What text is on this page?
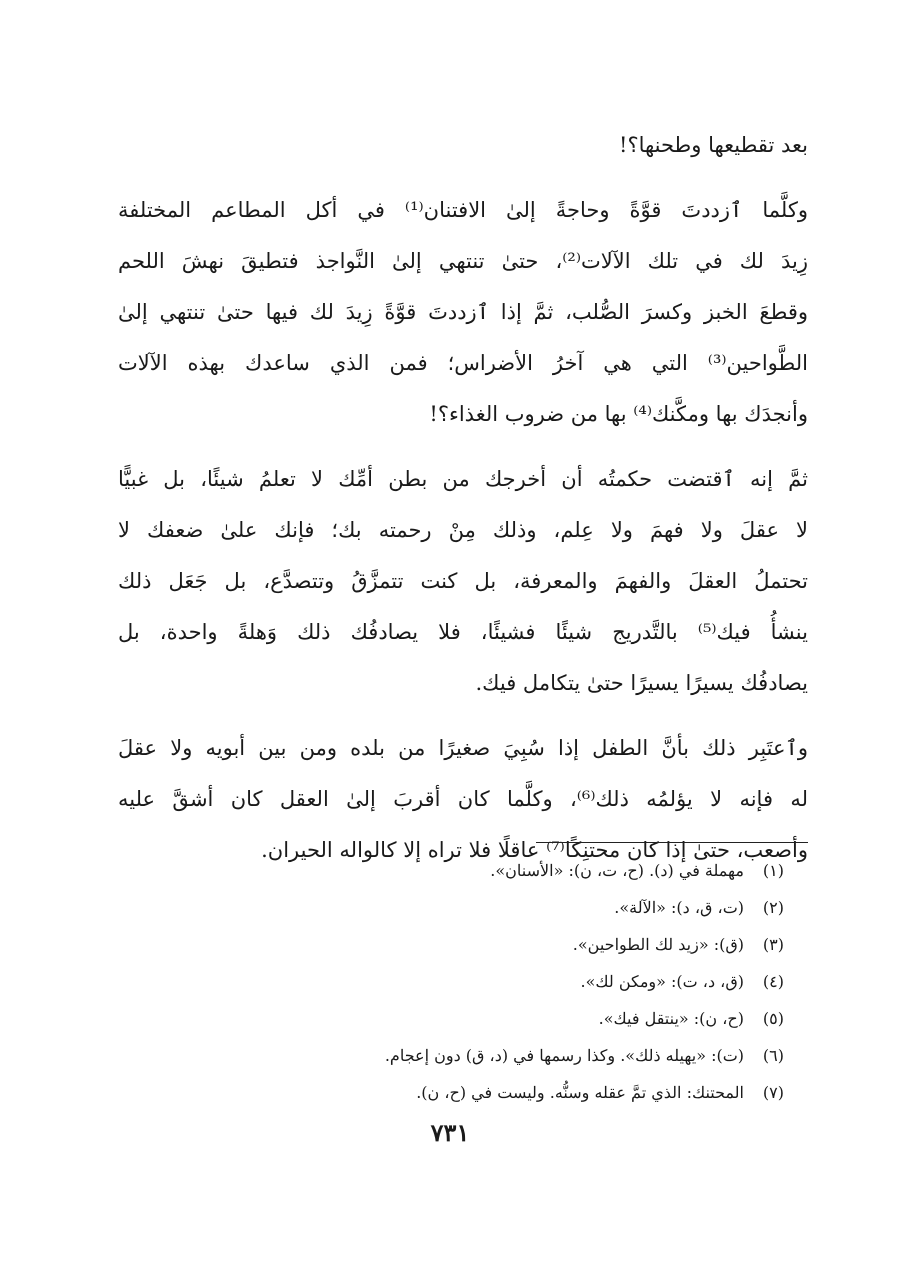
بعد تقطيعها وطحنها؟!
وكلَّما ٱزددتَ قوَّةً وحاجةً إلىٰ الافتنان⁽¹⁾ في أكل المطاعم المختلفة
زِيدَ لك في تلك الآلات⁽²⁾، حتىٰ تنتهي إلىٰ النَّواجذ فتطيقَ نهشَ اللحم
وقطعَ الخبز وكسرَ الصُّلب، ثمَّ إذا ٱزددتَ قوَّةً زِيدَ لك فيها حتىٰ تنتهي إلىٰ
الطَّواحين⁽³⁾ التي هي آخرُ الأضراس؛ فمن الذي ساعدك بهذه الآلات
وأنجدَك بها ومكَّنك⁽⁴⁾ بها من ضروب الغذاء؟!
ثمَّ إنه ٱقتضت حكمتُه أن أخرجك من بطن أمِّك لا تعلمُ شيئًا، بل غبيًّا
لا عقلَ ولا فهمَ ولا عِلم، وذلك مِنْ رحمته بك؛ فإنك علىٰ ضعفك لا
تحتملُ العقلَ والفهمَ والمعرفة، بل كنت تتمزَّقُ وتتصدَّع، بل جَعَل ذلك
ينشأُ فيك⁽⁵⁾ بالتَّدريج شيئًا فشيئًا، فلا يصادفُك ذلك وَهلةً واحدة، بل
يصادفُك يسيرًا يسيرًا حتىٰ يتكامل فيك.
وٱعتَبِر ذلك بأنَّ الطفل إذا سُبِيَ صغيرًا من بلده ومن بين أبويه ولا عقلَ
له فإنه لا يؤلمُه ذلك⁽⁶⁾، وكلَّما كان أقربَ إلىٰ العقل كان أشقَّ عليه
وأصعب، حتىٰ إذا كان محتنِكًا⁽⁷⁾ عاقلًا فلا تراه إلا كالواله الحيران.
(١)مهملة في (د). (ح، ت، ن): «الأسنان».
(٢)(ت، ق، د): «الآلة».
(٣)(ق): «زيد لك الطواحين».
(٤)(ق، د، ت): «ومكن لك».
(٥)(ح، ن): «ينتقل فيك».
(٦)(ت): «يهيله ذلك». وكذا رسمها في (د، ق) دون إعجام.
(٧)المحتنك: الذي تمَّ عقله وسنُّه. وليست في (ح، ن).
٧٣١
